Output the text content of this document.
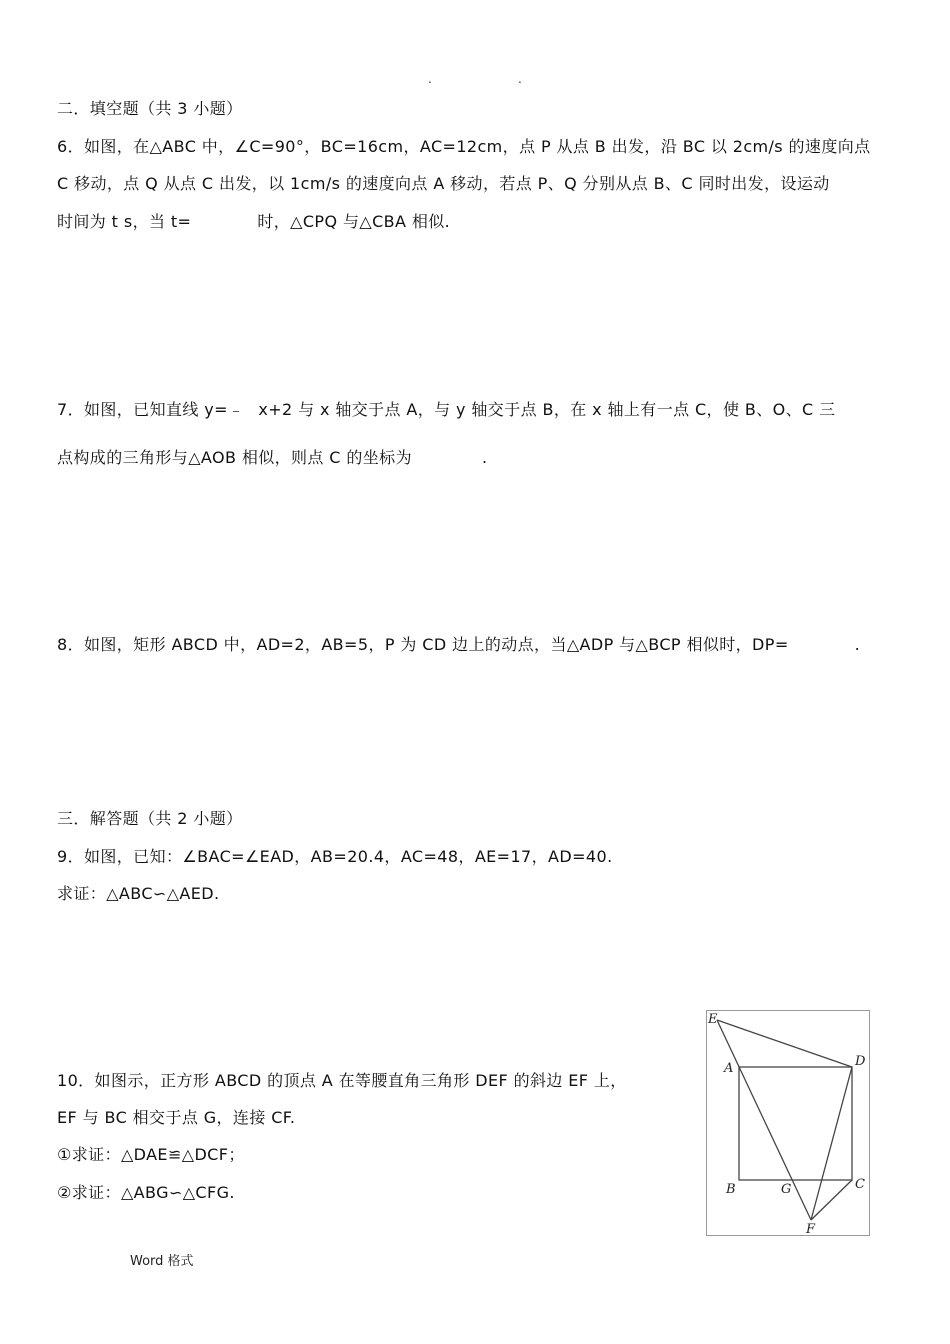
.	.
二．填空题（共 3 小题）
6．如图，在△ABC 中，∠C=90°，BC=16cm，AC=12cm，点 P 从点 B 出发，沿 BC 以 2cm/s 的速度向点
C 移动，点 Q 从点 C 出发，以 1cm/s 的速度向点 A 移动，若点 P、Q 分别从点 B、C 同时出发，设运动
时间为 t s，当 t=	时，△CPQ 与△CBA 相似.
7．如图，已知直线 y=﹣ x+2 与 x 轴交于点 A，与 y 轴交于点 B，在 x 轴上有一点 C，使 B、O、C 三
点构成的三角形与△AOB 相似，则点 C 的坐标为	.
8．如图，矩形 ABCD 中，AD=2，AB=5，P 为 CD 边上的动点，当△ADP 与△BCP 相似时，DP=	.
三．解答题（共 2 小题）
9．如图，已知：∠BAC=∠EAD，AB=20.4，AC=48，AE=17，AD=40.
求证：△ABC∽△AED.
10．如图示，正方形 ABCD 的顶点 A 在等腰直角三角形 DEF 的斜边 EF 上，
EF 与 BC 相交于点 G，连接 CF.
①求证：△DAE≌△DCF；
②求证：△ABG∽△CFG.
E
A	D
B	G	C
F
Word 格式
